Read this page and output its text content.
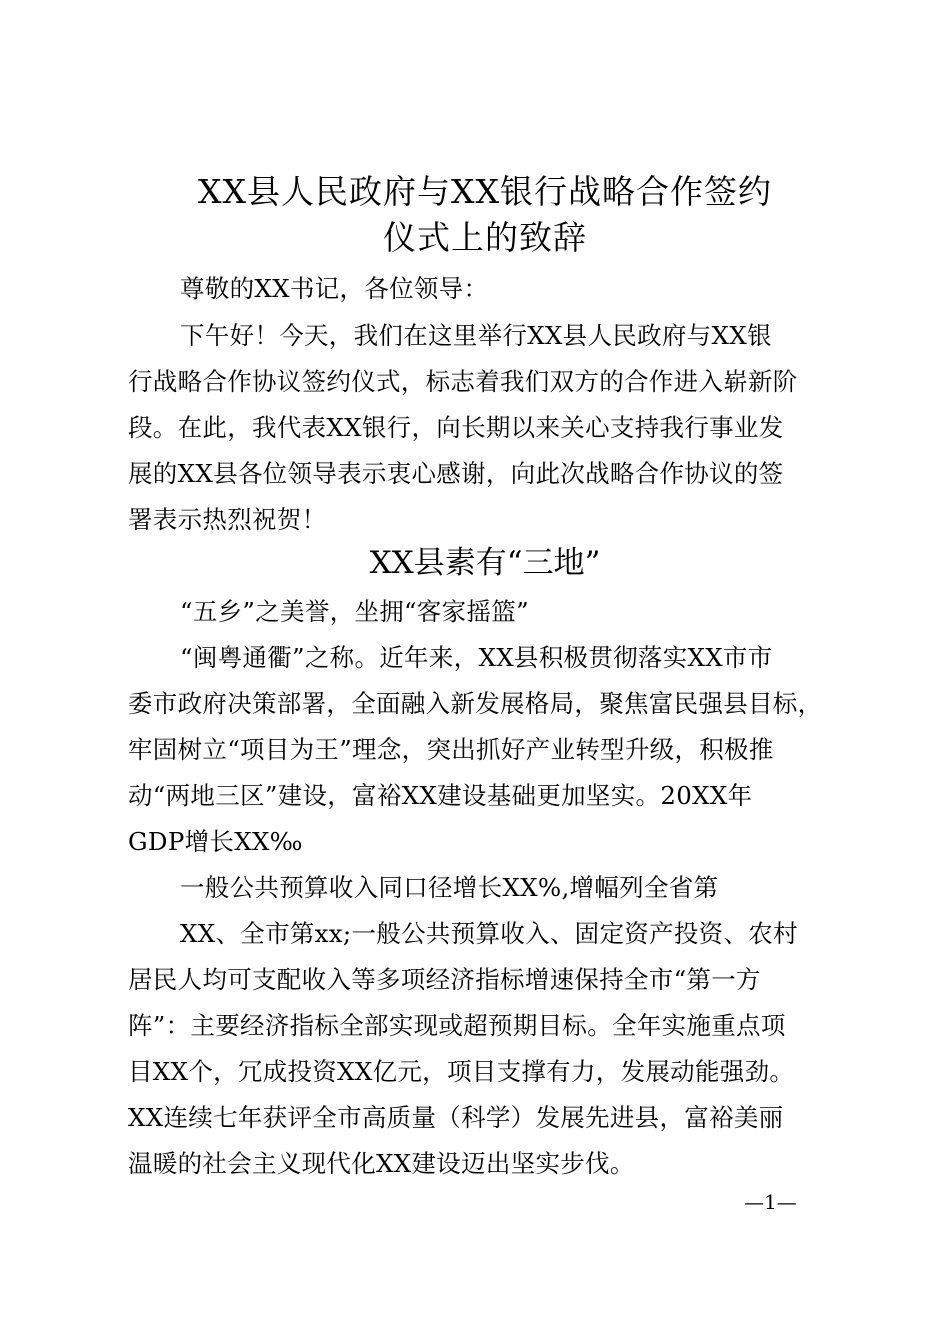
XX县人民政府与XX银行战略合作签约
仪式上的致辞
尊敬的XX书记，各位领导：
下午好！今天，我们在这里举行XX县人民政府与XX银
行战略合作协议签约仪式，标志着我们双方的合作进入崭新阶
段。在此，我代表XX银行，向长期以来关心支持我行事业发
展的XX县各位领导表示衷心感谢，向此次战略合作协议的签
署表示热烈祝贺！
XX县素有“三地”
“五乡”之美誉，坐拥“客家摇篮”
“闽粤通衢”之称。近年来，XX县积极贯彻落实XX市市
委市政府决策部署，全面融入新发展格局，聚焦富民强县目标，
牢固树立“项目为王”理念，突出抓好产业转型升级，积极推
动“两地三区”建设，富裕XX建设基础更加坚实。20XX年
GDP增长XX‰
一般公共预算收入同口径增长XX%,增幅列全省第
XX、全市第xx;一般公共预算收入、固定资产投资、农村
居民人均可支配收入等多项经济指标增速保持全市“第一方
阵”：主要经济指标全部实现或超预期目标。全年实施重点项
目XX个，冗成投资XX亿元，项目支撑有力，发展动能强劲。
XX连续七年获评全市高质量（科学）发展先进县，富裕美丽
温暖的社会主义现代化XX建设迈出坚实步伐。
—1—
